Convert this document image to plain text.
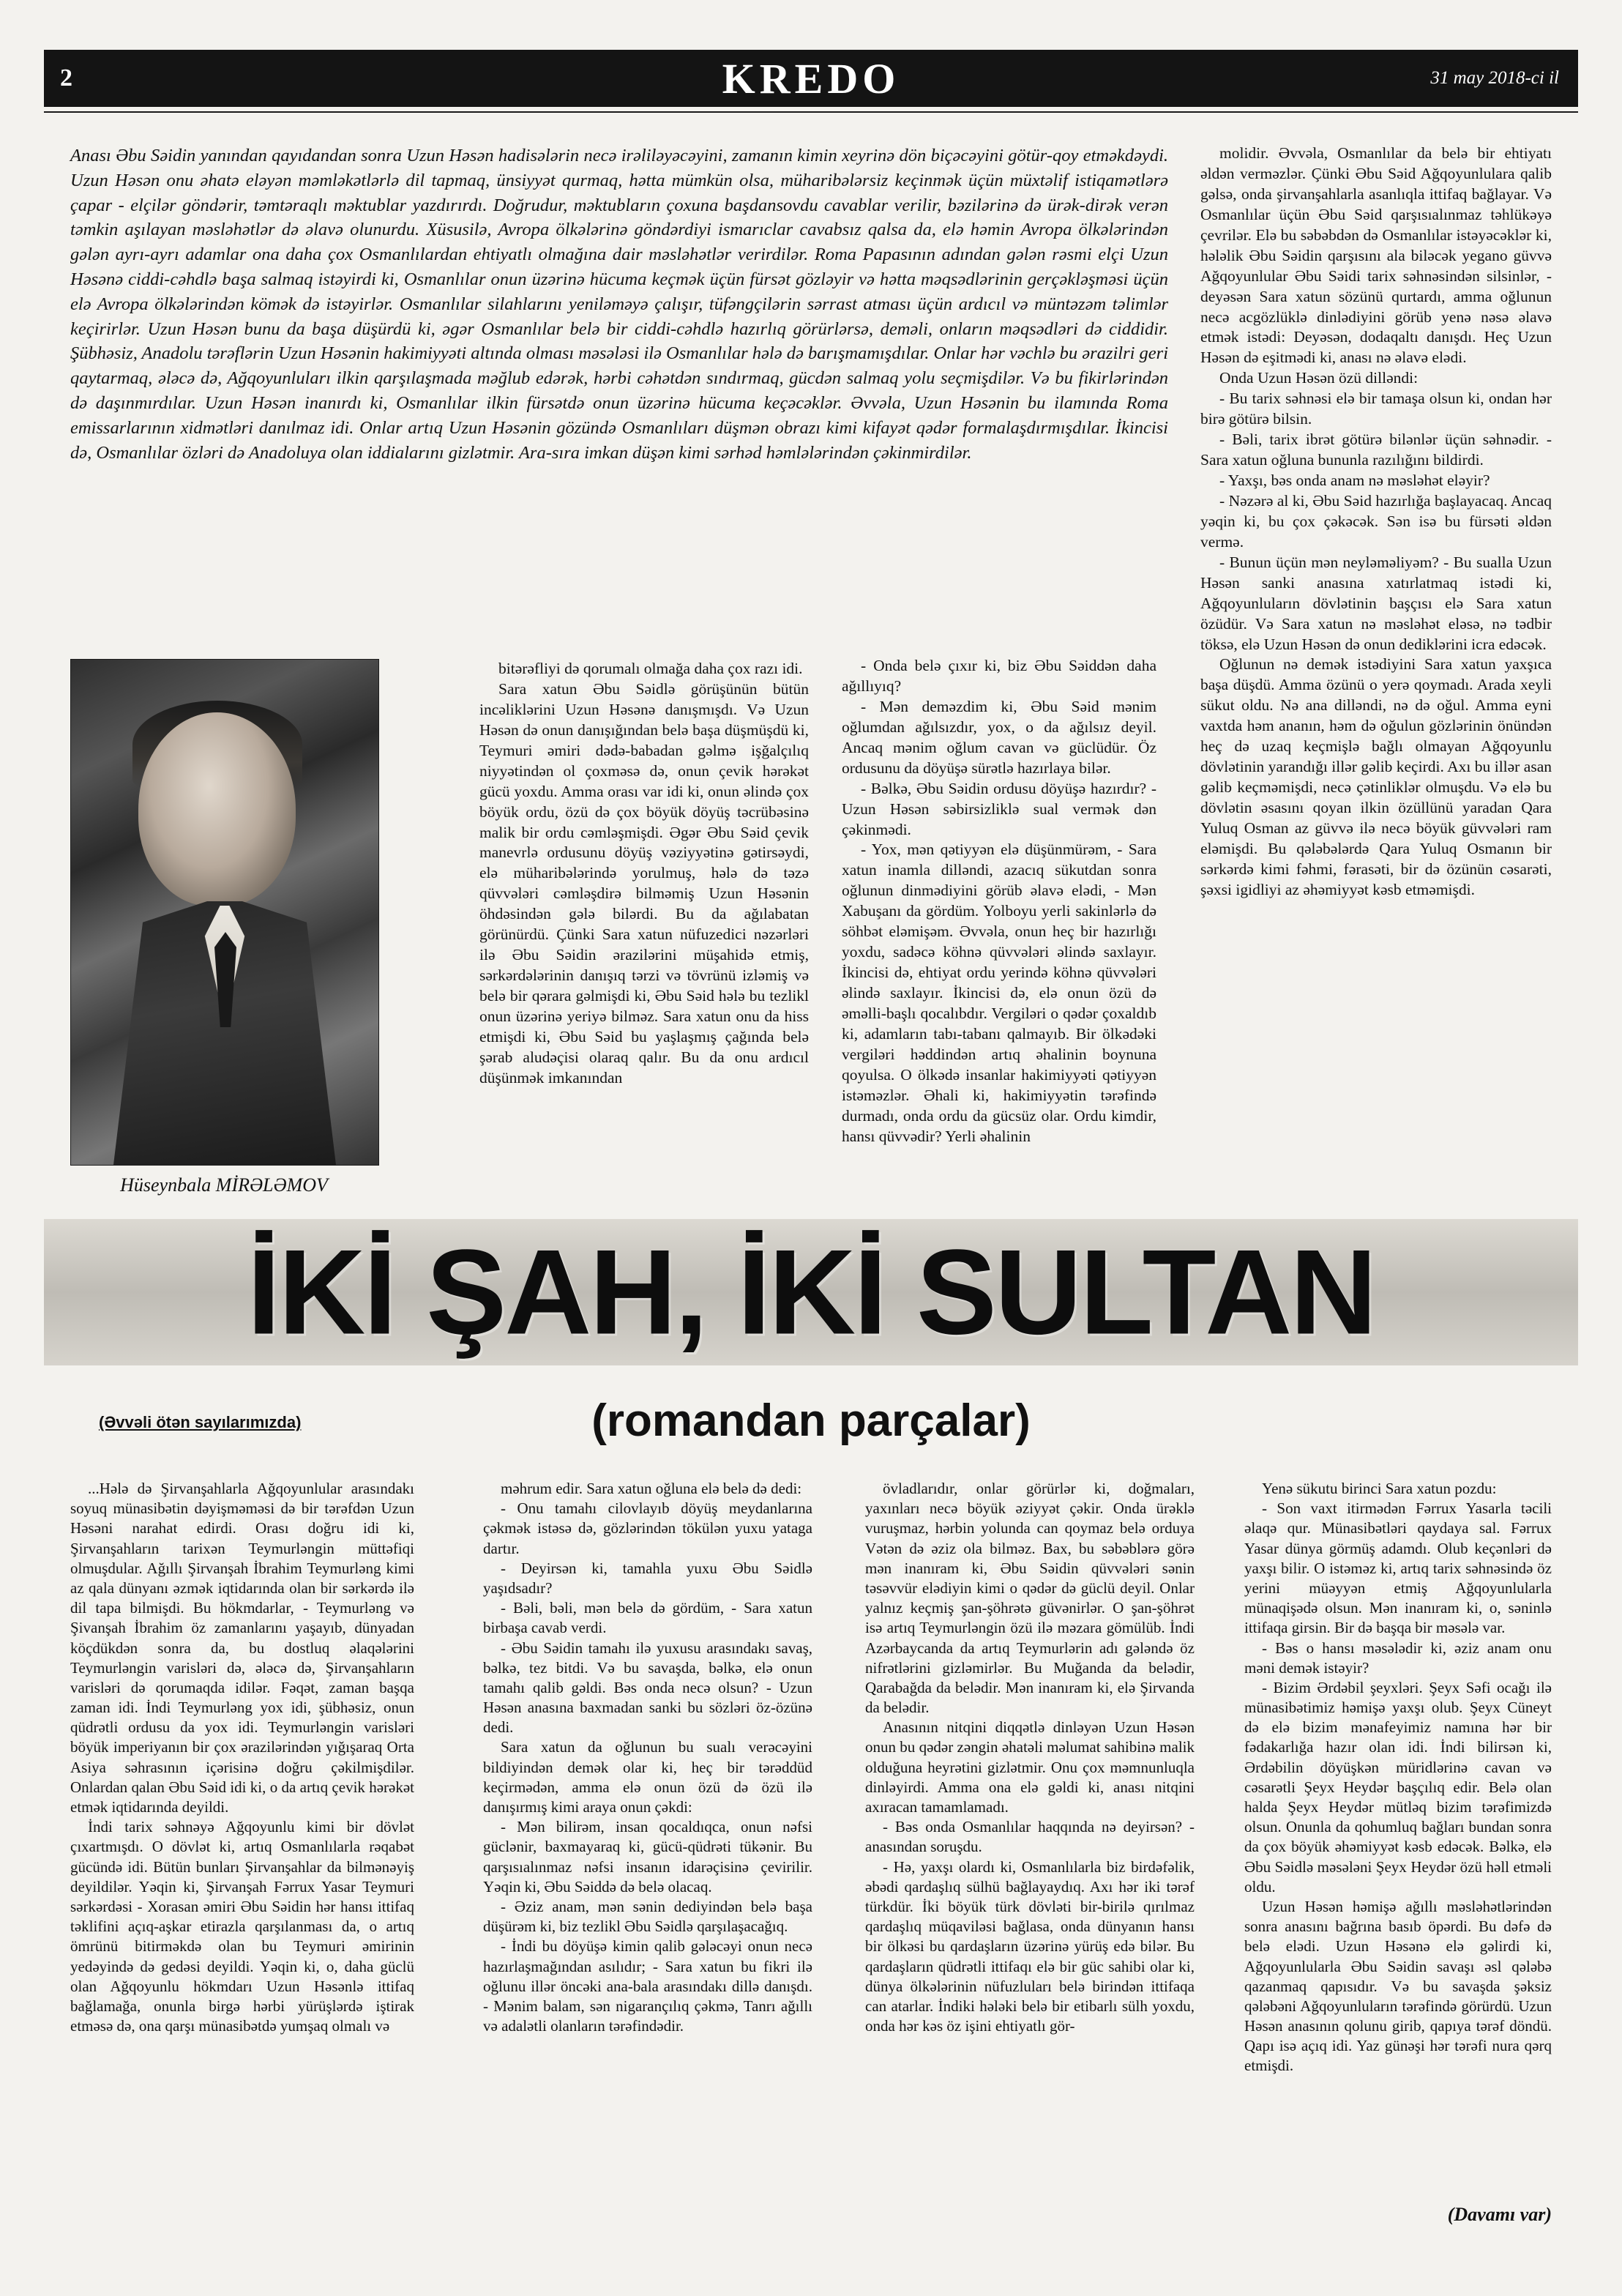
2	KREDO	31 may 2018-ci il
Anası Əbu Səidin yanından qayıdandan sonra Uzun Həsən hadisələrin necə irəliləyəcəyini, zamanın kimin xeyrinə dön biçəcəyini götür-qoy etməkdəydi. Uzun Həsən onu əhatə eləyən məmləkətlərlə dil tapmaq, ünsiyyət qurmaq, hətta mümkün olsa, müharibələrsiz keçinmək üçün müxtəlif istiqamətlərə çapar - elçilər göndərir, təmtəraqlı məktublar yazdırırdı. Doğrudur, məktubların çoxuna başdansovdu cavablar verilir, bəzilərinə də ürək-dirək verən təmkin aşılayan məsləhətlər də əlavə olunurdu. Xüsusilə, Avropa ölkələrinə göndərdiyi ismarıclar cavabsız qalsa da, elə həmin Avropa ölkələrindən gələn ayrı-ayrı adamlar ona daha çox Osmanlılardan ehtiyatlı olmağına dair məsləhətlər verirdilər. Roma Papasının adından gələn rəsmi elçi Uzun Həsənə ciddi-cəhdlə başa salmaq istəyirdi ki, Osmanlılar onun üzərinə hücuma keçmək üçün fürsət gözləyir və hətta məqsədlərinin gerçəkləşməsi üçün elə Avropa ölkələrindən kömək də istəyirlər. Osmanlılar silahlarını yeniləməyə çalışır, tüfəngçilərin sərrast atması üçün ardıcıl və müntəzəm təlimlər keçirirlər. Uzun Həsən bunu da başa düşürdü ki, əgər Osmanlılar belə bir ciddi-cəhdlə hazırlıq görürlərsə, deməli, onların məqsədləri də ciddidir. Şübhəsiz, Anadolu tərəflərin Uzun Həsənin hakimiyyəti altında olması məsələsi ilə Osmanlılar hələ də barışmamışdılar. Onlar hər vəchlə bu ərazilri geri qaytarmaq, ələcə də, Ağqoyunluları ilkin qarşılaşmada məğlub edərək, hərbi cəhətdən sındırmaq, gücdən salmaq yolu seçmişdilər. Və bu fikirlərindən də daşınmırdılar. Uzun Həsən inanırdı ki, Osmanlılar ilkin fürsətdə onun üzərinə hücuma keçəcəklər. Əvvəla, Uzun Həsənin bu ilamında Roma emissarlarının xidmətləri danılmaz idi. Onlar artıq Uzun Həsənin gözündə Osmanlıları düşmən obrazı kimi kifayət qədər formalaşdırmışdılar. İkincisi də, Osmanlılar özləri də Anadoluya olan iddialarını gizlətmir. Ara-sıra imkan düşən kimi sərhəd həmlələrindən çəkinmirdilər.

molidir. Əvvəla, Osmanlılar da belə bir ehtiyatı əldən verməzlər. Çünki Əbu Səid Ağqoyunlulara qalib gəlsə, onda şirvanşahlarla asanlıqla ittifaq bağlayar. Və Osmanlılar üçün Əbu Səid qarşısıalınmaz təhlükəyə çevrilər. Elə bu səbəbdən də Osmanlılar istəyəcəklər ki, hələlik Əbu Səidin qarşısını ala biləcək yegano güvvə Ağqoyunlular Əbu Səidi tarix səhnəsindən silsinlər, - deyəsən Sara xatun sözünü qurtardı, amma oğlunun necə acgözlüklə dinlədiyini görüb yenə nəsə əlavə etmək istədi: Deyəsən, dodaqaltı danışdı. Heç Uzun Həsən də eşitmədi ki, anası nə əlavə elədi.

Onda Uzun Həsən özü dilləndi:

- Bu tarix səhnəsi elə bir tamaşa olsun ki, ondan hər birə götürə bilsin.

- Bəli, tarix ibrət götürə bilənlər üçün səhnədir. - Sara xatun oğluna bununla razılığını bildirdi.

- Yaxşı, bəs onda anam nə məsləhət eləyir?

- Nəzərə al ki, Əbu Səid hazırlığa başlayacaq. Ancaq yəqin ki, bu çox çəkəcək. Sən isə bu fürsəti əldən vermə.

- Bunun üçün mən neyləməliyəm? - Bu sualla Uzun Həsən sanki anasına xatırlatmaq istədi ki, Ağqoyunluların dövlətinin başçısı elə Sara xatun özüdür. Və Sara xatun nə məsləhət eləsə, nə tədbir töksə, elə Uzun Həsən də onun dediklərini icra edəcək.

Oğlunun nə demək istədiyini Sara xatun yaxşıca başa düşdü. Amma özünü o yerə qoymadı. Arada xeyli sükut oldu. Nə ana dilləndi, nə də oğul. Amma eyni vaxtda həm ananın, həm də oğulun gözlərinin önündən heç də uzaq keçmişlə bağlı olmayan Ağqoyunlu dövlətinin yarandığı illər gəlib keçirdi. Axı bu illər asan gəlib keçməmişdi, necə çətinliklər olmuşdu. Və elə bu dövlətin əsasını qoyan ilkin özüllünü yaradan Qara Yuluq Osman az güvvə ilə necə böyük güvvələri ram eləmişdi. Bu qələbələrdə Qara Yuluq Osmanın bir sərkərdə kimi fəhmi, fərasəti, bir də özünün cəsarəti, şəxsi igidliyi az əhəmiyyət kəsb etməmişdi.

Hüseynbala MİRƏLƏMOV

bitərəfliyi də qorumalı olmağa daha çox razı idi.

Sara xatun Əbu Səidlə görüşünün bütün incəliklərini Uzun Həsənə danışmışdı. Və Uzun Həsən də onun danışığından belə başa düşmüşdü ki, Teymuri əmiri dədə-babadan gəlmə işğalçılıq niyyətindən ol çoxməsə də, onun çevik hərəkət gücü yoxdu. Amma orası var idi ki, onun əlində çox böyük ordu, özü də çox böyük döyüş təcrübəsinə malik bir ordu cəmləşmişdi. Əgər Əbu Səid çevik manevrlə ordusunu döyüş vəziyyətinə gətirsəydi, elə müharibələrində yorulmuş, hələ də təzə qüvvələri cəmləşdirə bilməmiş Uzun Həsənin öhdəsindən gələ bilərdi. Bu da ağılabatan görünürdü. Çünki Sara xatun nüfuzedici nəzərləri ilə Əbu Səidin ərazilərini müşahidə etmiş, sərkərdələrinin danışıq tərzi və tövrünü izləmiş və belə bir qərara gəlmişdi ki, Əbu Səid hələ bu tezlikl onun üzərinə yeriyə bilməz. Sara xatun onu da hiss etmişdi ki, Əbu Səid bu yaşlaşmış çağında belə şərab aludəçisi olaraq qalır. Bu da onu ardıcıl düşünmək imkanından

- Onda belə çıxır ki, biz Əbu Səiddən daha ağıllıyıq?

- Mən deməzdim ki, Əbu Səid mənim oğlumdan ağılsızdır, yox, o da ağılsız deyil. Ancaq mənim oğlum cavan və güclüdür. Öz ordusunu da döyüşə sürətlə hazırlaya bilər.

- Bəlkə, Əbu Səidin ordusu döyüşə hazırdır? - Uzun Həsən səbirsizliklə sual vermək dən çəkinmədi.

- Yox, mən qətiyyən elə düşünmürəm, - Sara xatun inamla dilləndi, azacıq sükutdan sonra oğlunun dinmədiyini görüb əlavə elədi, - Mən Xabuşanı da gördüm. Yolboyu yerli sakinlərlə də söhbət eləmişəm. Əvvəla, onun heç bir hazırlığı yoxdu, sadəcə köhnə qüvvələri əlində saxlayır. İkincisi də, ehtiyat ordu yerində köhnə qüvvələri əlində saxlayır. İkincisi də, elə onun özü də əməlli-başlı qocalıbdır. Vergiləri o qədər çoxaldıb ki, adamların tabı-tabanı qalmayıb. Bir ölkədəki vergiləri həddindən artıq əhalinin boynuna qoyulsa. O ölkədə insanlar hakimiyyəti qətiyyən istəməzlər. Əhali ki, hakimiyyətin tərəfində durmadı, onda ordu da gücsüz olar. Ordu kimdir, hansı qüvvədir? Yerli əhalinin

İKİ ŞAH, İKİ SULTAN
(Əvvəli ötən sayılarımızda)	(romandan parçalar)

...Hələ də Şirvanşahlarla Ağqoyunlular arasındakı soyuq münasibətin dəyişməməsi də bir tərəfdən Uzun Həsəni narahat edirdi. Orası doğru idi ki, Şirvanşahların tarixən Teymurləngin müttəfiqi olmuşdular. Ağıllı Şirvanşah İbrahim Teymurləng kimi az qala dünyanı əzmək iqtidarında olan bir sərkərdə ilə dil tapa bilmişdi. Bu hökmdarlar, - Teymurləng və Şivanşah İbrahim öz zamanlarını yaşayıb, dünyadan köçdükdən sonra da, bu dostluq əlaqələrini Teymurləngin varisləri də, ələcə də, Şirvanşahların varisləri də qorumaqda idilər. Fəqət, zaman başqa zaman idi. İndi Teymurləng yox idi, şübhəsiz, onun qüdrətli ordusu da yox idi. Teymurləngin varisləri böyük imperiyanın bir çox ərazilərindən yığışaraq Orta Asiya səhrasının içərisinə doğru çəkilmişdilər. Onlardan qalan Əbu Səid idi ki, o da artıq çevik hərəkət etmək iqtidarında deyildi.

İndi tarix səhnəyə Ağqoyunlu kimi bir dövlət çıxartmışdı. O dövlət ki, artıq Osmanlılarla rəqabət gücündə idi. Bütün bunları Şirvanşahlar da bilmənəyiş deyildilər. Yəqin ki, Şirvanşah Fərrux Yasar Teymuri sərkərdəsi - Xorasan əmiri Əbu Səidin hər hansı ittifaq təklifini açıq-aşkar etirazla qarşılanması da, o artıq ömrünü bitirməkdə olan bu Teymuri əmirinin yedəyində də gedəsi deyildi. Yəqin ki, o, daha güclü olan Ağqoyunlu hökmdarı Uzun Həsənlə ittifaq bağlamağa, onunla birgə hərbi yürüşlərdə iştirak etməsə də, ona qarşı münasibətdə yumşaq olmalı və

məhrum edir. Sara xatun oğluna elə belə də dedi:

- Onu tamahı cilovlayıb döyüş meydanlarına çəkmək istəsə də, gözlərindən tökülən yuxu yataga dartır.

- Deyirsən ki, tamahla yuxu Əbu Səidlə yaşıdsadır?

- Bəli, bəli, mən belə də gördüm, - Sara xatun birbaşa cavab verdi.

- Əbu Səidin tamahı ilə yuxusu arasındakı savaş, bəlkə, tez bitdi. Və bu savaşda, bəlkə, elə onun tamahı qalib gəldi. Bəs onda necə olsun? - Uzun Həsən anasına baxmadan sanki bu sözləri öz-özünə dedi.

Sara xatun da oğlunun bu sualı verəcəyini bildiyindən demək olar ki, heç bir tərəddüd keçirmədən, amma elə onun özü də özü ilə danışırmış kimi araya onun çəkdi:

- Mən bilirəm, insan qocaldıqca, onun nəfsi güclənir, baxmayaraq ki, gücü-qüdrəti tükənir. Bu qarşısıalınmaz nəfsi insanın idarəçisinə çevirilir. Yəqin ki, Əbu Səiddə də belə olacaq.

- Əziz anam, mən sənin dediyindən belə başa düşürəm ki, biz tezlikl Əbu Səidlə qarşılaşacağıq.

- İndi bu döyüşə kimin qalib gələcəyi onun necə hazırlaşmağından asılıdır; - Sara xatun bu fikri ilə oğlunu illər öncəki ana-bala arasındakı dillə danışdı. - Mənim balam, sən nigarançılıq çəkmə, Tanrı ağıllı və adalətli olanların tərəfindədir.

övladlarıdır, onlar görürlər ki, doğmaları, yaxınları necə böyük əziyyət çəkir. Onda ürəklə vuruşmaz, hərbin yolunda can qoymaz belə orduya Vətən də əziz ola bilməz. Bax, bu səbəblərə görə mən inanıram ki, Əbu Səidin qüvvələri sənin təsəvvür elədiyin kimi o qədər də güclü deyil. Onlar yalnız keçmiş şan-şöhrətə güvənirlər. O şan-şöhrət isə artıq Teymurləngin özü ilə məzara gömülüb. İndi Azərbaycanda da artıq Teymurlərin adı gələndə öz nifrətlərini gizləmirlər. Bu Muğanda da belədir, Qarabağda da belədir. Mən inanıram ki, elə Şirvanda da belədir.

Anasının nitqini diqqətlə dinləyən Uzun Həsən onun bu qədər zəngin əhatəli məlumat sahibinə malik olduğuna heyrətini gizlətmir. Onu çox məmnunluqla dinləyirdi. Amma ona elə gəldi ki, anası nitqini axıracan tamamlamadı.

- Bəs onda Osmanlılar haqqında nə deyirsən? - anasından soruşdu.

- Hə, yaxşı olardı ki, Osmanlılarla biz birdəfəlik, əbədi qardaşlıq sülhü bağlayaydıq. Axı hər iki tərəf türkdür. İki böyük türk dövləti bir-birilə qırılmaz qardaşlıq müqaviləsi bağlasa, onda dünyanın hansı bir ölkəsi bu qardaşların üzərinə yürüş edə bilər. Bu qardaşların qüdrətli ittifaqı elə bir güc sahibi olar ki, dünya ölkələrinin nüfuzluları belə birindən ittifaqa can atarlar. İndiki hələki belə bir etibarlı sülh yoxdu, onda hər kəs öz işini ehtiyatlı gör-

Yenə sükutu birinci Sara xatun pozdu:

- Son vaxt itirmədən Fərrux Yasarla təcili əlaqə qur. Münasibətləri qaydaya sal. Fərrux Yasar dünya görmüş adamdı. Olub keçənləri də yaxşı bilir. O istəməz ki, artıq tarix səhnəsində öz yerini müəyyən etmiş Ağqoyunlularla münaqişədə olsun. Mən inanıram ki, o, səninlə ittifaqa girsin. Bir də başqa bir məsələ var.

- Bəs o hansı məsələdir ki, əziz anam onu məni demək istəyir?

- Bizim Ərdəbil şeyxləri. Şeyx Səfi ocağı ilə münasibətimiz həmişə yaxşı olub. Şeyx Cüneyt də elə bizim mənafeyimiz namına hər bir fədakarlığa hazır olan idi. İndi bilirsən ki, Ərdəbilin döyüşkən müridlərinə cavan və cəsarətli Şeyx Heydər başçılıq edir. Belə olan halda Şeyx Heydər mütləq bizim tərəfimizdə olsun. Onunla da qohumluq bağları bundan sonra da çox böyük əhəmiyyət kəsb edəcək. Bəlkə, elə Əbu Səidlə məsələni Şeyx Heydər özü həll etməli oldu.

Uzun Həsən həmişə ağıllı məsləhətlərindən sonra anasını bağrına basıb öpərdi. Bu dəfə də belə elədi. Uzun Həsənə elə gəlirdi ki, Ağqoyunlularla Əbu Səidin savaşı əsl qələbə qazanmaq qapısıdır. Və bu savaşda şəksiz qələbəni Ağqoyunluların tərəfində görürdü. Uzun Həsən anasının qolunu girib, qapıya tərəf döndü. Qapı isə açıq idi. Yaz günəşi hər tərəfi nura qərq etmişdi.

(Davamı var)
